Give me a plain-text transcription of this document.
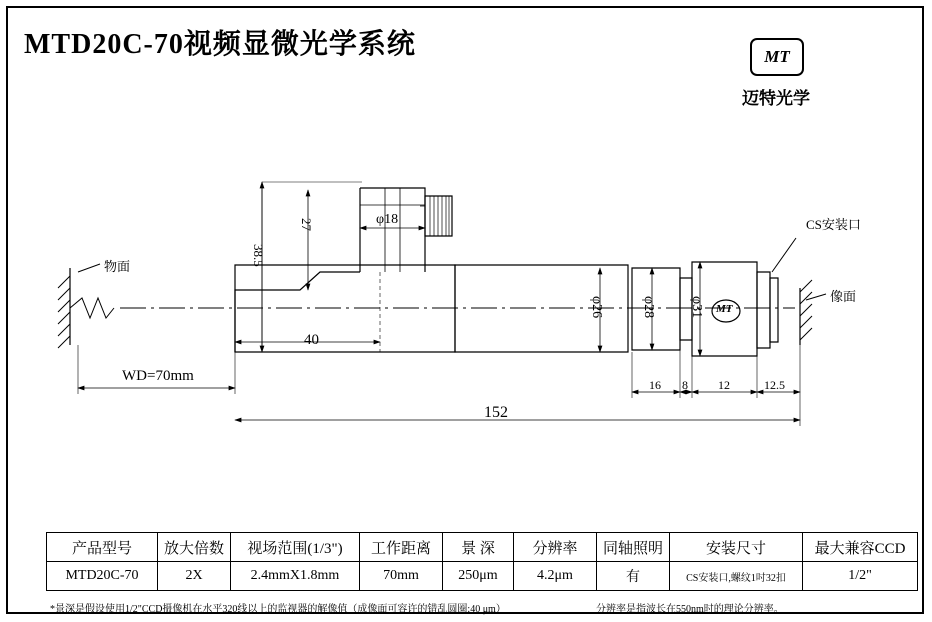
MTD20C-70视频显微光学系统	MT
迈特光学
物面
像面
CS安装口
38.5
27	φ18
40
φ26	φ28 φ31 MT
WD=70mm
152
16 8	12	12.5
产品型号	放大倍数	视场范围(1/3")	工作距离	景 深	分辨率	同轴照明	安装尺寸	最大兼容CCD
MTD20C-70	2X	2.4mmX1.8mm	70mm	250μm	4.2μm	有	CS安装口,螺纹1吋32扣	1/2"
*景深是假设使用1/2"CCD摄像机在水平320线以上的监视器的解像值（成像面可容许的错乱圆圈:40 μm）	分辨率是指波长在550nm时的理论分辨率。
